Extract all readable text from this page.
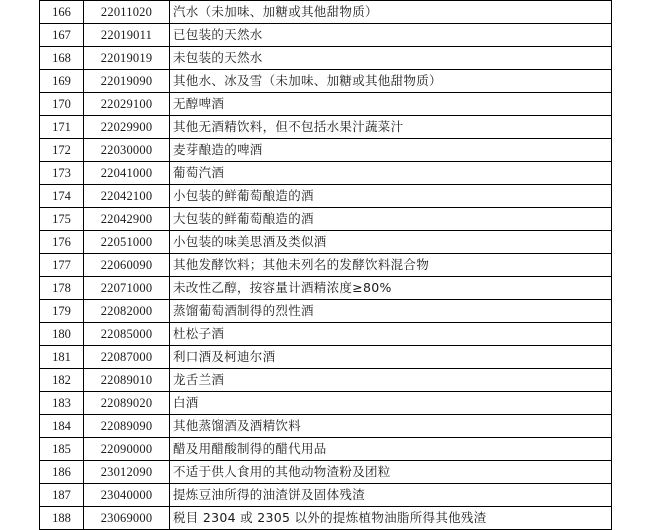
166	22011020	汽水（未加味、加糖或其他甜物质）
167	22019011	已包装的天然水
168	22019019	未包装的天然水
169	22019090	其他水、冰及雪（未加味、加糖或其他甜物质）
170	22029100	无醇啤酒
171	22029900	其他无酒精饮料，但不包括水果汁蔬菜汁
172	22030000	麦芽酿造的啤酒
173	22041000	葡萄汽酒
174	22042100	小包装的鲜葡萄酿造的酒
175	22042900	大包装的鲜葡萄酿造的酒
176	22051000	小包装的味美思酒及类似酒
177	22060090	其他发酵饮料；其他未列名的发酵饮料混合物
178	22071000	未改性乙醇，按容量计酒精浓度≥80%
179	22082000	蒸馏葡萄酒制得的烈性酒
180	22085000	杜松子酒
181	22087000	利口酒及柯迪尔酒
182	22089010	龙舌兰酒
183	22089020	白酒
184	22089090	其他蒸馏酒及酒精饮料
185	22090000	醋及用醋酸制得的醋代用品
186	23012090	不适于供人食用的其他动物渣粉及团粒
187	23040000	提炼豆油所得的油渣饼及固体残渣
188	23069000	税目 2304 或 2305 以外的提炼植物油脂所得其他残渣
